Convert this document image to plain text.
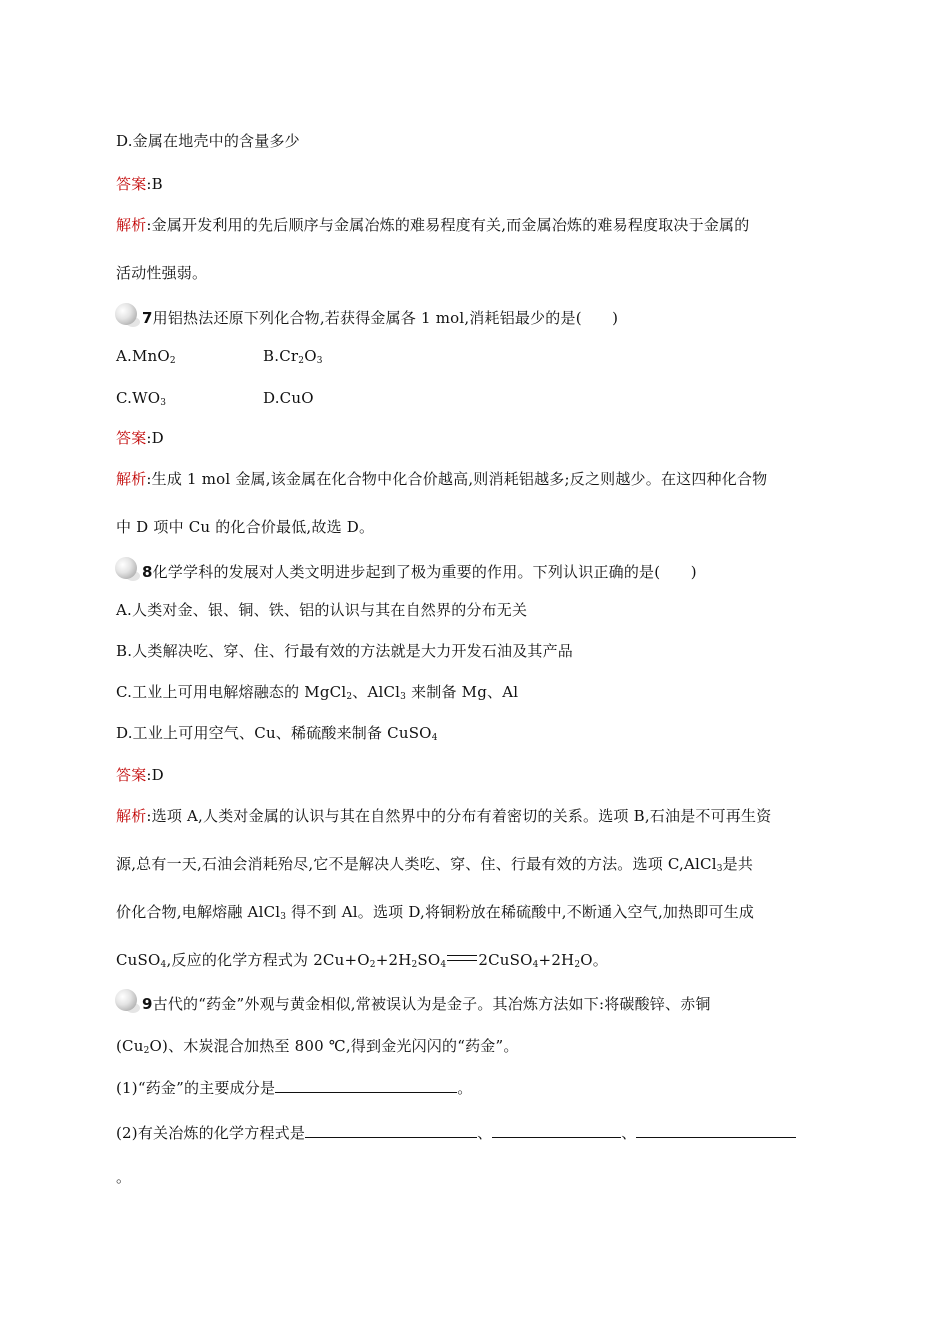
D.金属在地壳中的含量多少
答案:B
解析:金属开发利用的先后顺序与金属冶炼的难易程度有关,而金属冶炼的难易程度取决于金属的
活动性强弱。
7用铝热法还原下列化合物,若获得金属各 1 mol,消耗铝最少的是(　　)
A.MnO$_2$	$B.Cr_2O_3$
$C.WO_3$	D.CuO
答案:D
解析:生成 1 mol 金属,该金属在化合物中化合价越高,则消耗铝越多;反之则越少。在这四种化合物
中 D 项中 Cu 的化合价最低,故选 D。
8化学学科的发展对人类文明进步起到了极为重要的作用。下列认识正确的是(　　)
A.人类对金、银、铜、铁、铝的认识与其在自然界的分布无关
B.人类解决吃、穿、住、行最有效的方法就是大力开发石油及其产品
C.工业上可用电解熔融态的 MgCl$_2$、AlCl$_3$ 来制备 Mg、Al
D.工业上可用空气、Cu、稀硫酸来制备 CuSO$_4$
答案:D
解析:选项 A,人类对金属的认识与其在自然界中的分布有着密切的关系。选项 B,石油是不可再生资
源,总有一天,石油会消耗殆尽,它不是解决人类吃、穿、住、行最有效的方法。选项 C,AlCl$_3$是共
价化合物,电解熔融 AlCl$_3$ 得不到 Al。选项 D,将铜粉放在稀硫酸中,不断通入空气,加热即可生成
CuSO$_4$,反应的化学方程式为 $2Cu+O_2+2H_2SO_4$ $2CuSO_4+2H_2O$。
9古代的“药金”外观与黄金相似,常被误认为是金子。其冶炼方法如下:将碳酸锌、赤铜
$(Cu_2O)$、木炭混合加热至 800 ℃,得到金光闪闪的“药金”。
(1)“药金”的主要成分是	。
(2)有关冶炼的化学方程式是	、	、
。
